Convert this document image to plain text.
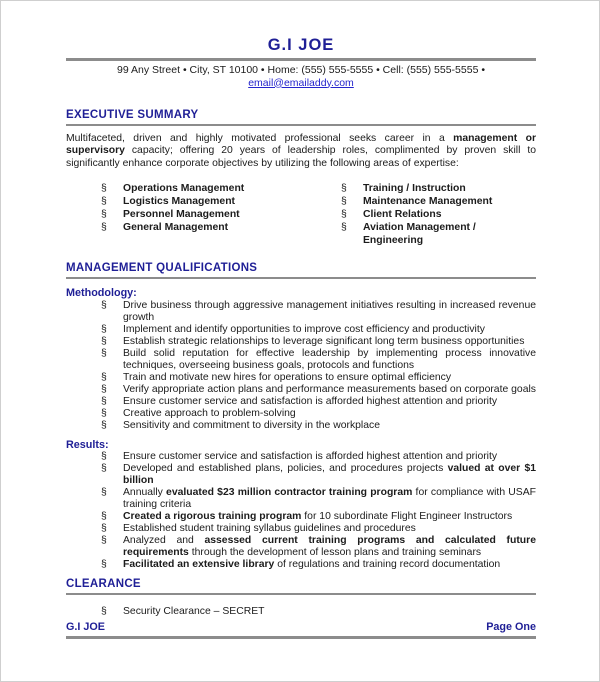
G.I JOE
99 Any Street • City, ST 10100 • Home: (555) 555-5555 • Cell: (555) 555-5555 • email@emailaddy.com
EXECUTIVE SUMMARY

Multifaceted, driven and highly motivated professional seeks career in a management or supervisory capacity; offering 20 years of leadership roles, complimented by proven skill to significantly enhance corporate objectives by utilizing the following areas of expertise:

§	Operations Management	§	Training / Instruction
§	Logistics Management	§	Maintenance Management
§	Personnel Management	§	Client Relations
§	General Management	§	Aviation Management / Engineering
MANAGEMENT QUALIFICATIONS
Methodology:
§	Drive business through aggressive management initiatives resulting in increased revenue growth
§	Implement and identify opportunities to improve cost efficiency and productivity
§	Establish strategic relationships to leverage significant long term business opportunities
§	Build solid reputation for effective leadership by implementing process innovative techniques, overseeing business goals, protocols and functions
§	Train and motivate new hires for operations to ensure optimal efficiency
§	Verify appropriate action plans and performance measurements based on corporate goals
§	Ensure customer service and satisfaction is afforded highest attention and priority
§	Creative approach to problem-solving
§	Sensitivity and commitment to diversity in the workplace
Results:
§	Ensure customer service and satisfaction is afforded highest attention and priority
§	Developed and established plans, policies, and procedures projects valued at over $1 billion
§	Annually evaluated $23 million contractor training program for compliance with USAF training criteria
§	Created a rigorous training program for 10 subordinate Flight Engineer Instructors
§	Established student training syllabus guidelines and procedures
§	Analyzed and assessed current training programs and calculated future requirements through the development of lesson plans and training seminars
§	Facilitated an extensive library of regulations and training record documentation
CLEARANCE
§	Security Clearance – SECRET
G.I JOE	Page One
